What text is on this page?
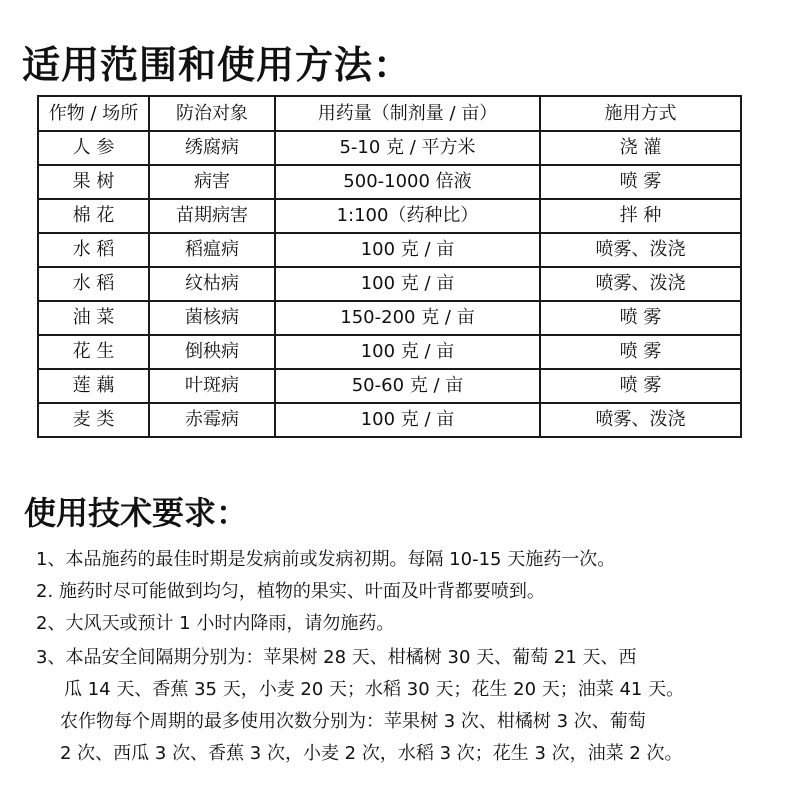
适用范围和使用方法：
作物 / 场所	防治对象	用药量（制剂量 / 亩）	施用方式
人 参	绣腐病	5-10 克 / 平方米	浇 灌
果 树	病害	500-1000 倍液	喷 雾
棉 花	苗期病害	1:100（药种比）	拌 种
水 稻	稻瘟病	100 克 / 亩	喷雾、泼浇
水 稻	纹枯病	100 克 / 亩	喷雾、泼浇
油 菜	菌核病	150-200 克 / 亩	喷 雾
花 生	倒秧病	100 克 / 亩	喷 雾
莲 藕	叶斑病	50-60 克 / 亩	喷 雾
麦 类	赤霉病	100 克 / 亩	喷雾、泼浇
使用技术要求：
1、本品施药的最佳时期是发病前或发病初期。每隔 10-15 天施药一次。
2. 施药时尽可能做到均匀，植物的果实、叶面及叶背都要喷到。
2、大风天或预计 1 小时内降雨，请勿施药。
3、本品安全间隔期分别为：苹果树 28 天、柑橘树 30 天、葡萄 21 天、西
瓜 14 天、香蕉 35 天，小麦 20 天；水稻 30 天；花生 20 天；油菜 41 天。
农作物每个周期的最多使用次数分别为：苹果树 3 次、柑橘树 3 次、葡萄
2 次、西瓜 3 次、香蕉 3 次，小麦 2 次，水稻 3 次；花生 3 次，油菜 2 次。
